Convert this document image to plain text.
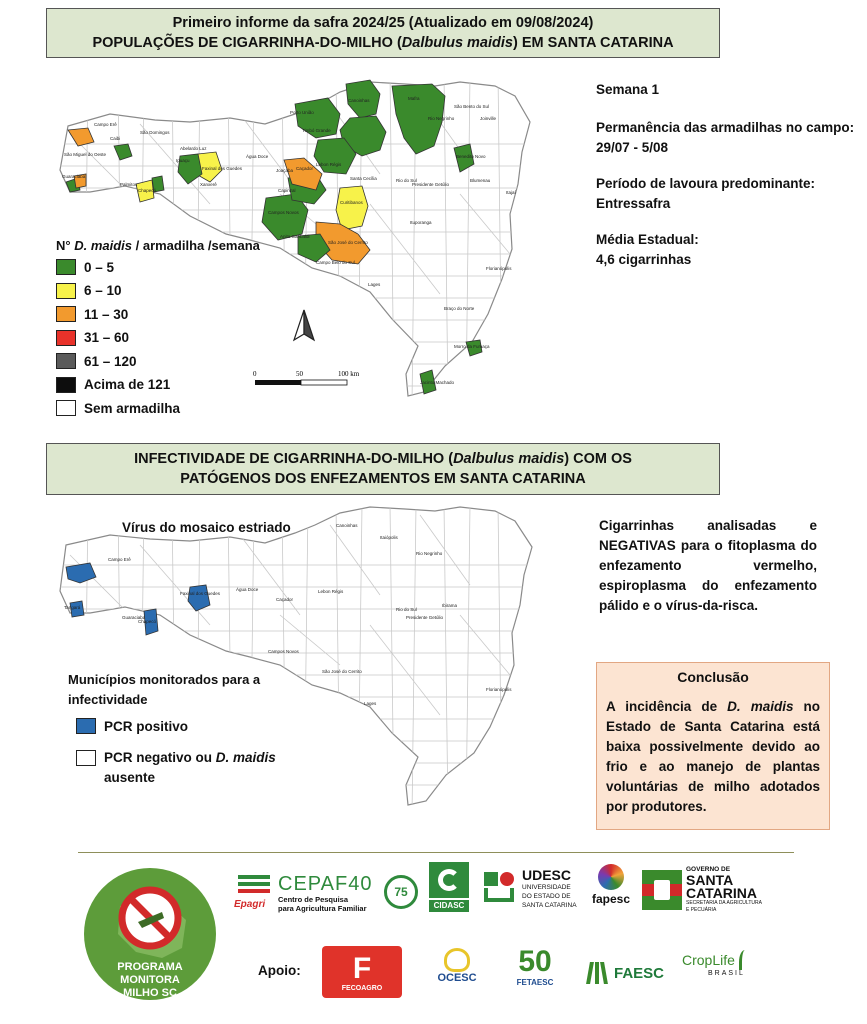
Primeiro informe da safra 2024/25 (Atualizado em 09/08/2024)
POPULAÇÕES DE CIGARRINHA-DO-MILHO (Dalbulus maidis) EM SANTA CATARINA
Campo Erê
São Domingos
São Miguel do Oeste
Guaraciaba
Xanxerê
Chapecó
Palmitos
Caibi
Abelardo Luz
Ipuaçu
Faxinal dos Guedes
Água Doce
Joaçaba Caçador
Porto União
Canoinhas	Mafra
Rio Negrinho
São Bento do Sul
Joinville
Timbó Grande
Lebon Régis
Santa Cecília
Curitibanos
Campos Novos
Capinzal
Anita Garibaldi
São José do Cerrito
Lages
Campo Belo do Sul
Benedito Novo
Ituporanga
Rio do Sul
Presidente Getúlio
Blumenau
Itajaí
Florianópolis
Braço do Norte
Morro da Fumaça
Jacinto Machado
0	50	100 km
N° D. maidis / armadilha /semana
0 – 5
6 – 10
11 – 30
31 – 60
61 – 120
Acima de 121
Sem armadilha
Semana 1
Permanência das armadilhas no campo:
29/07 - 5/08
Período de lavoura predominante:
Entressafra
Média Estadual:
4,6 cigarrinhas
INFECTIVIDADE DE CIGARRINHA-DO-MILHO (Dalbulus maidis) COM OS
PATÓGENOS DOS ENFEZAMENTOS EM SANTA CATARINA
Canoinhas
Rio Negrinho
Campo Erê
Tangará
Faxinal dos Guedes
Água Doce	Lebon Régis
Caçador
Chapecó
Guaraciaba
Campos Novos
São José do Cerrito
Lages
Rio do Sul
Presidente Getúlio
Ibirama
Itaiópolis
Florianópolis
Vírus do mosaico estriado
Municípios monitorados para a infectividade
PCR positivo
PCR negativo ou D. maidis
ausente
Cigarrinhas analisadas e NEGATIVAS para o fitoplasma do enfezamento vermelho, espiroplasma do enfezamento pálido e o vírus-da-risca.
Conclusão
A incidência de D. maidis no Estado de Santa Catarina está baixa possivelmente devido ao frio e ao manejo de plantas voluntárias de milho adotados por produtores.
PROGRAMA
MONITORA
MILHO SC
Epagri
CEPAF40
Centro de Pesquisa
para Agricultura Familiar
75
CIDASC
UDESC
UNIVERSIDADE
DO ESTADO DE
SANTA CATARINA fapesc
GOVERNO DE
SANTA
CATARINA
SECRETARIA DA AGRICULTURA
E PECUÁRIA
Apoio: F
FECOAGRO
OCESC 50
FETAESC
FAESC
CropLife
BRASIL
